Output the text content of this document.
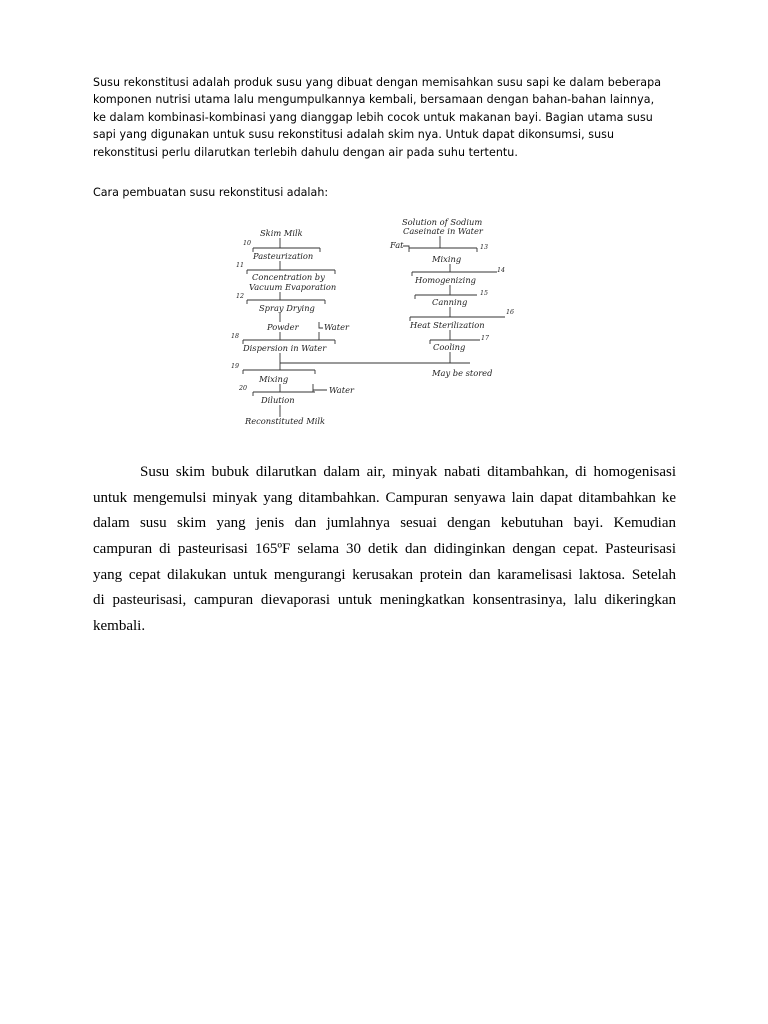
Susu rekonstitusi adalah produk susu yang dibuat dengan memisahkan susu sapi ke dalam beberapa
komponen nutrisi utama lalu mengumpulkannya kembali, bersamaan dengan bahan-bahan lainnya,
ke dalam kombinasi-kombinasi yang dianggap lebih cocok untuk makanan bayi. Bagian utama susu
sapi yang digunakan untuk susu rekonstitusi adalah skim nya. Untuk dapat dikonsumsi, susu
rekonstitusi perlu dilarutkan terlebih dahulu dengan air pada suhu tertentu.
Cara pembuatan susu rekonstitusi adalah:
Skim Milk
10
Pasteurization
11
Concentration by
Vacuum Evaporation
12
Spray Drying
Powder	Water
18
Dispersion in Water
19
Mixing
Water
20
Dilution
Reconstituted Milk
Solution of Sodium
Caseinate in Water
Fat	13
Mixing
14
Homogenizing
15
Canning
16
Heat Sterilization
17
Cooling
May be stored
Susu skim bubuk dilarutkan dalam air, minyak nabati ditambahkan, di homogenisasi
untuk mengemulsi minyak yang ditambahkan. Campuran senyawa lain dapat ditambahkan ke
dalam susu skim yang jenis dan jumlahnya sesuai dengan kebutuhan bayi. Kemudian
campuran di pasteurisasi 165ºF selama 30 detik dan didinginkan dengan cepat. Pasteurisasi
yang cepat dilakukan untuk mengurangi kerusakan protein dan karamelisasi laktosa. Setelah
di pasteurisasi, campuran dievaporasi untuk meningkatkan konsentrasinya, lalu dikeringkan
kembali.
